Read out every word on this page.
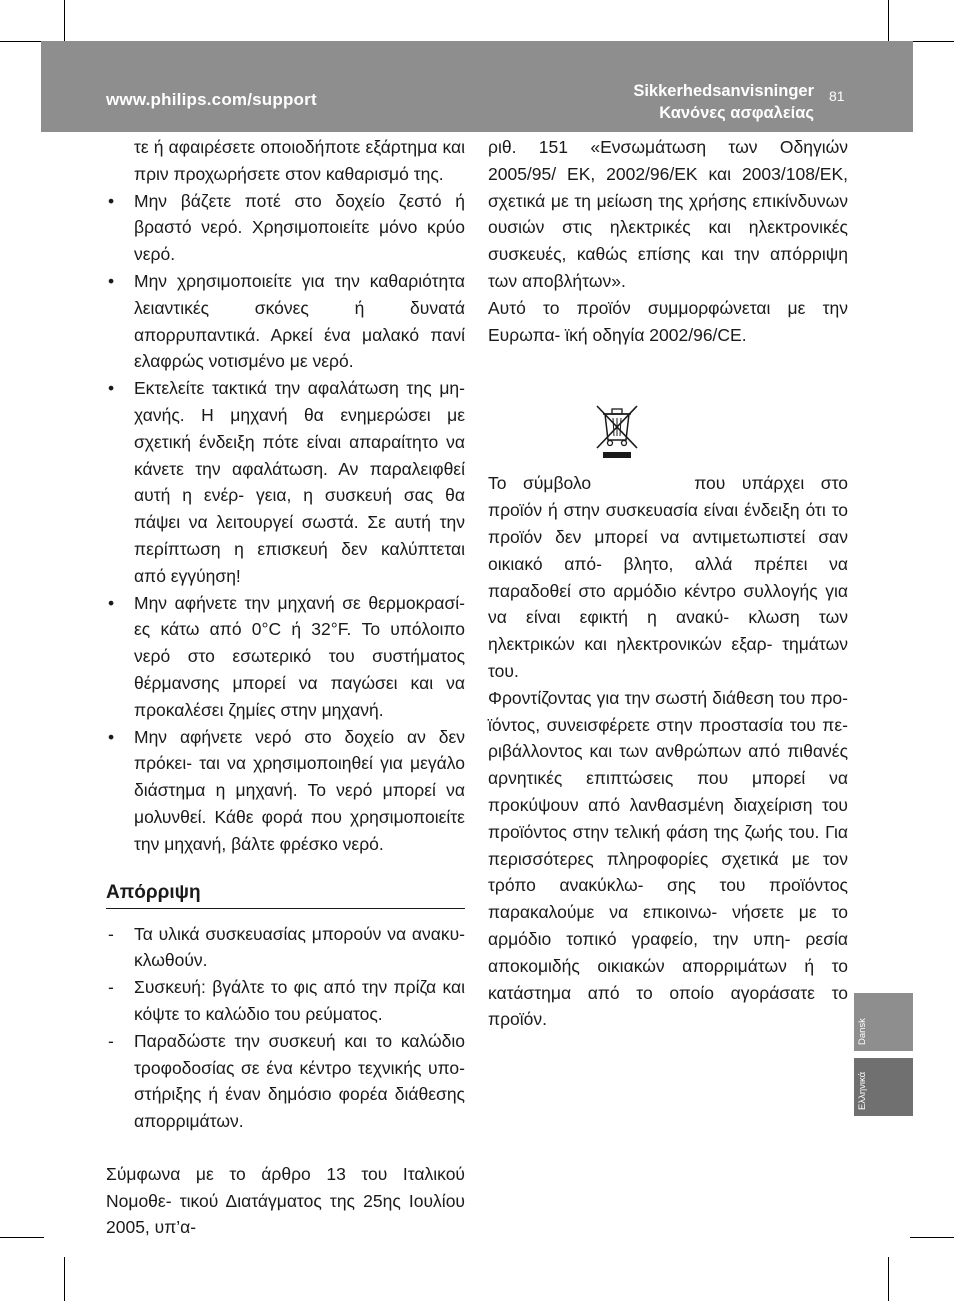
www.philips.com/support	Sikkerhedsanvisninger
Κανόνες ασφαλείας
81

τε ή αφαιρέσετε οποιοδήποτε εξάρτημα και πριν προχωρήσετε στον καθαρισμό της.

• Μην βάζετε ποτέ στο δοχείο ζεστό ή βραστό νερό. Χρησιμοποιείτε μόνο κρύο νερό.
• Μην χρησιμοποιείτε για την καθαριότητα λειαντικές σκόνες ή δυνατά απορρυπαντικά. Αρκεί ένα μαλακό πανί ελαφρώς νοτισμένο με νερό.
• Εκτελείτε τακτικά την αφαλάτωση της μη- χανής. Η μηχανή θα ενημερώσει με σχετική ένδειξη πότε είναι απαραίτητο να κάνετε την αφαλάτωση. Αν παραλειφθεί αυτή η ενέρ- γεια, η συσκευή σας θα πάψει να λειτουργεί σωστά. Σε αυτή την περίπτωση η επισκευή δεν καλύπτεται από εγγύηση!
• Μην αφήνετε την μηχανή σε θερμοκρασί- ες κάτω από 0°C ή 32°F. Το υπόλοιπο νερό στο εσωτερικό του συστήματος θέρμανσης μπορεί να παγώσει και να προκαλέσει ζημίες στην μηχανή.
• Μην αφήνετε νερό στο δοχείο αν δεν πρόκει- ται να χρησιμοποιηθεί για μεγάλο διάστημα η μηχανή. Το νερό μπορεί να μολυνθεί. Κάθε φορά που χρησιμοποιείτε την μηχανή, βάλτε φρέσκο νερό.
Απόρριψη
- Τα υλικά συσκευασίας μπορούν να ανακυ- κλωθούν.
- Συσκευή: βγάλτε το φις από την πρίζα και κόψτε το καλώδιο του ρεύματος.
- Παραδώστε την συσκευή και το καλώδιο τροφοδοσίας σε ένα κέντρο τεχνικής υπο- στήριξης ή έναν δημόσιο φορέα διάθεσης απορριμάτων.

Σύμφωνα με το άρθρο 13 του Ιταλικού Νομοθε- τικού Διατάγματος της 25ης Ιουλίου 2005, υπ’α-

ριθ. 151 «Ενσωμάτωση των Οδηγιών 2005/95/ ΕΚ, 2002/96/ΕΚ και 2003/108/ΕΚ, σχετικά με τη μείωση της χρήσης επικίνδυνων ουσιών στις ηλεκτρικές και ηλεκτρονικές συσκευές, καθώς επίσης και την απόρριψη των αποβλήτων».

Αυτό το προϊόν συμμορφώνεται με την Ευρωπα- ϊκή οδηγία 2002/96/CE.

Το σύμβολο	που υπάρχει στο προϊόν ή στην συσκευασία είναι ένδειξη ότι το προϊόν δεν μπορεί να αντιμετωπιστεί σαν οικιακό από- βλητο, αλλά πρέπει να παραδοθεί στο αρμόδιο κέντρο συλλογής για να είναι εφικτή η ανακύ- κλωση των ηλεκτρικών και ηλεκτρονικών εξαρ- τημάτων του.

Φροντίζοντας για την σωστή διάθεση του προ- ϊόντος, συνεισφέρετε στην προστασία του πε- ριβάλλοντος και των ανθρώπων από πιθανές αρνητικές επιπτώσεις που μπορεί να προκύψουν από λανθασμένη διαχείριση του προϊόντος στην τελική φάση της ζωής του. Για περισσότερες πληροφορίες σχετικά με τον τρόπο ανακύκλω- σης του προϊόντος παρακαλούμε να επικοινω- νήσετε με το αρμόδιο τοπικό γραφείο, την υπη- ρεσία αποκομιδής οικιακών απορριμάτων ή το κατάστημα από το οποίο αγοράσατε το προϊόν.	Dansk
Ελληνικά
